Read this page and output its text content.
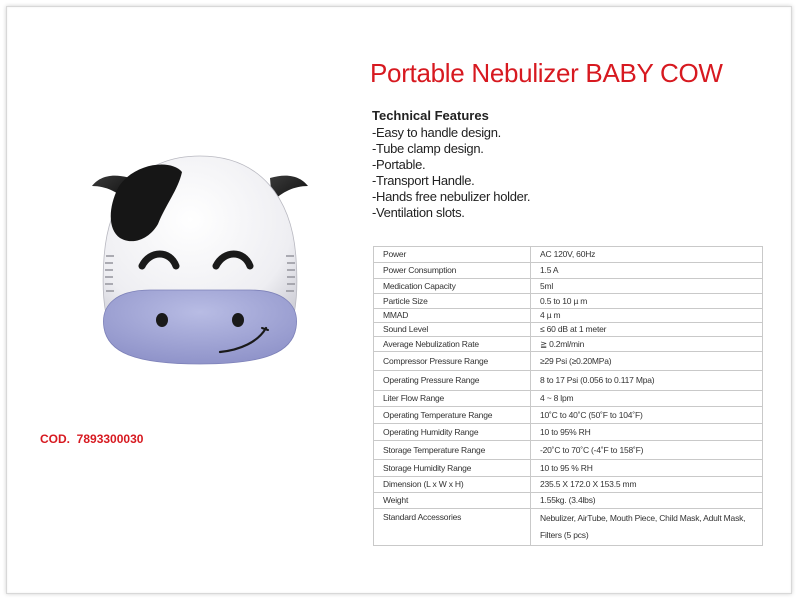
Portable Nebulizer BABY COW
Technical Features
-Easy to handle design.
-Tube clamp design.
-Portable.
-Transport Handle.
-Hands free nebulizer holder.
-Ventilation slots.
COD. 7893300030
Power	AC 120V, 60Hz
Power Consumption	1.5 A
Medication Capacity	5ml
Particle Size	0.5 to 10 µ m
MMAD	4 µ m
Sound Level	≤ 60 dB at 1 meter
Average Nebulization Rate	≧ 0.2ml/min
Compressor Pressure Range	≥29 Psi (≥0.20MPa)
Operating Pressure Range	8 to 17 Psi (0.056 to 0.117 Mpa)
Liter Flow Range	4 ~ 8 lpm
Operating Temperature Range	10˚C to 40˚C (50˚F to 104˚F)
Operating Humidity Range	10 to 95% RH
Storage Temperature Range	-20˚C to 70˚C (-4˚F to 158˚F)
Storage Humidity Range	10 to 95 % RH
Dimension (L x W x H)	235.5 X 172.0 X 153.5 mm
Weight	1.55kg. (3.4lbs)
Standard Accessories	Nebulizer, AirTube, Mouth Piece, Child Mask, Adult Mask, Filters (5 pcs)
